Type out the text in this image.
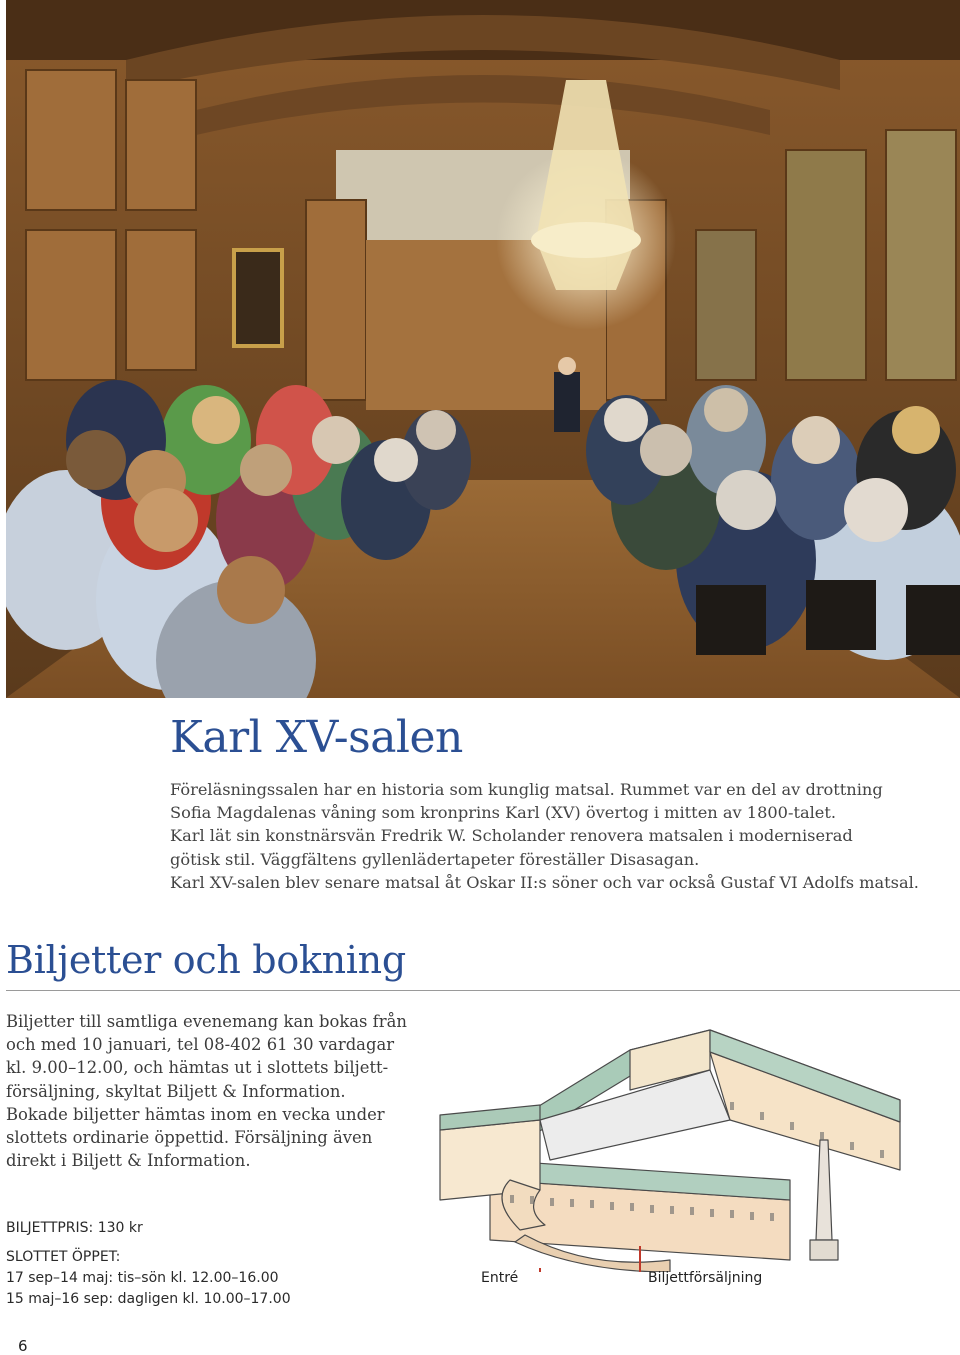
Karl XV-salen

Föreläsningssalen har en historia som kunglig matsal. Rummet var en del av drottning

Sofia Magdalenas våning som kronprins Karl (XV) övertog i mitten av 1800-talet.

Karl lät sin konstnärsvän Fredrik W. Scholander renovera matsalen i moderniserad

götisk stil. Väggfältens gyllenlädertapeter föreställer Disasagan.

Karl XV-salen blev senare matsal åt Oskar II:s söner och var också Gustaf VI Adolfs matsal.

Biljetter och bokning

Biljetter till samtliga evenemang kan bokas från

och med 10 januari, tel 08-402 61 30 vardagar

kl. 9.00–12.00, och hämtas ut i slottets biljett-

försäljning, skyltat Biljett & Information.

Bokade biljetter hämtas inom en vecka under

slottets ordinarie öppettid. Försäljning även

direkt i Biljett & Information.

BILJETTPRIS: 130 kr

SLOTTET ÖPPET:

17 sep–14 maj: tis–sön kl. 12.00–16.00

15 maj–16 sep: dagligen kl. 10.00–17.00

Entré	Biljettförsäljning
6
